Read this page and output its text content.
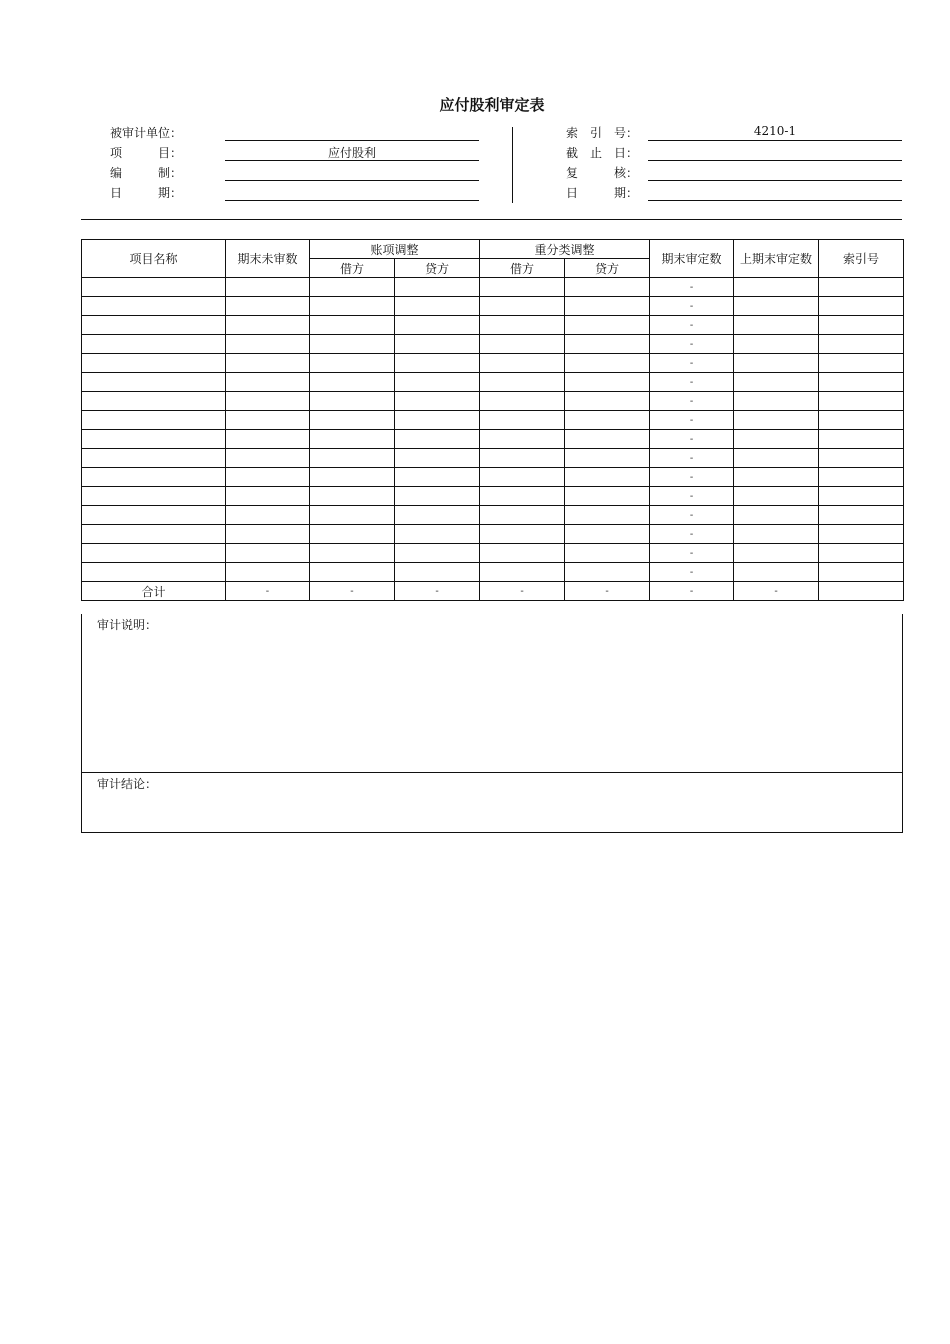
应付股利审定表
被审计单位：
项　　　目：	应付股利
编　　　制：
日　　　期：
索　引　号：	4210-1
截　止　日：
复　　　核：
日　　　期：
项目名称	期末未审数	账项调整		重分类调整		期末审定数	上期末审定数	索引号
		借方	贷方	借方	贷方			
						-		
						-		
						-		
						-		
						-		
						-		
						-		
						-		
						-		
						-		
						-		
						-		
						-		
						-		
						-		
						-		
合计	-	-	-	-	-	-	-	
审计说明：
审计结论：
